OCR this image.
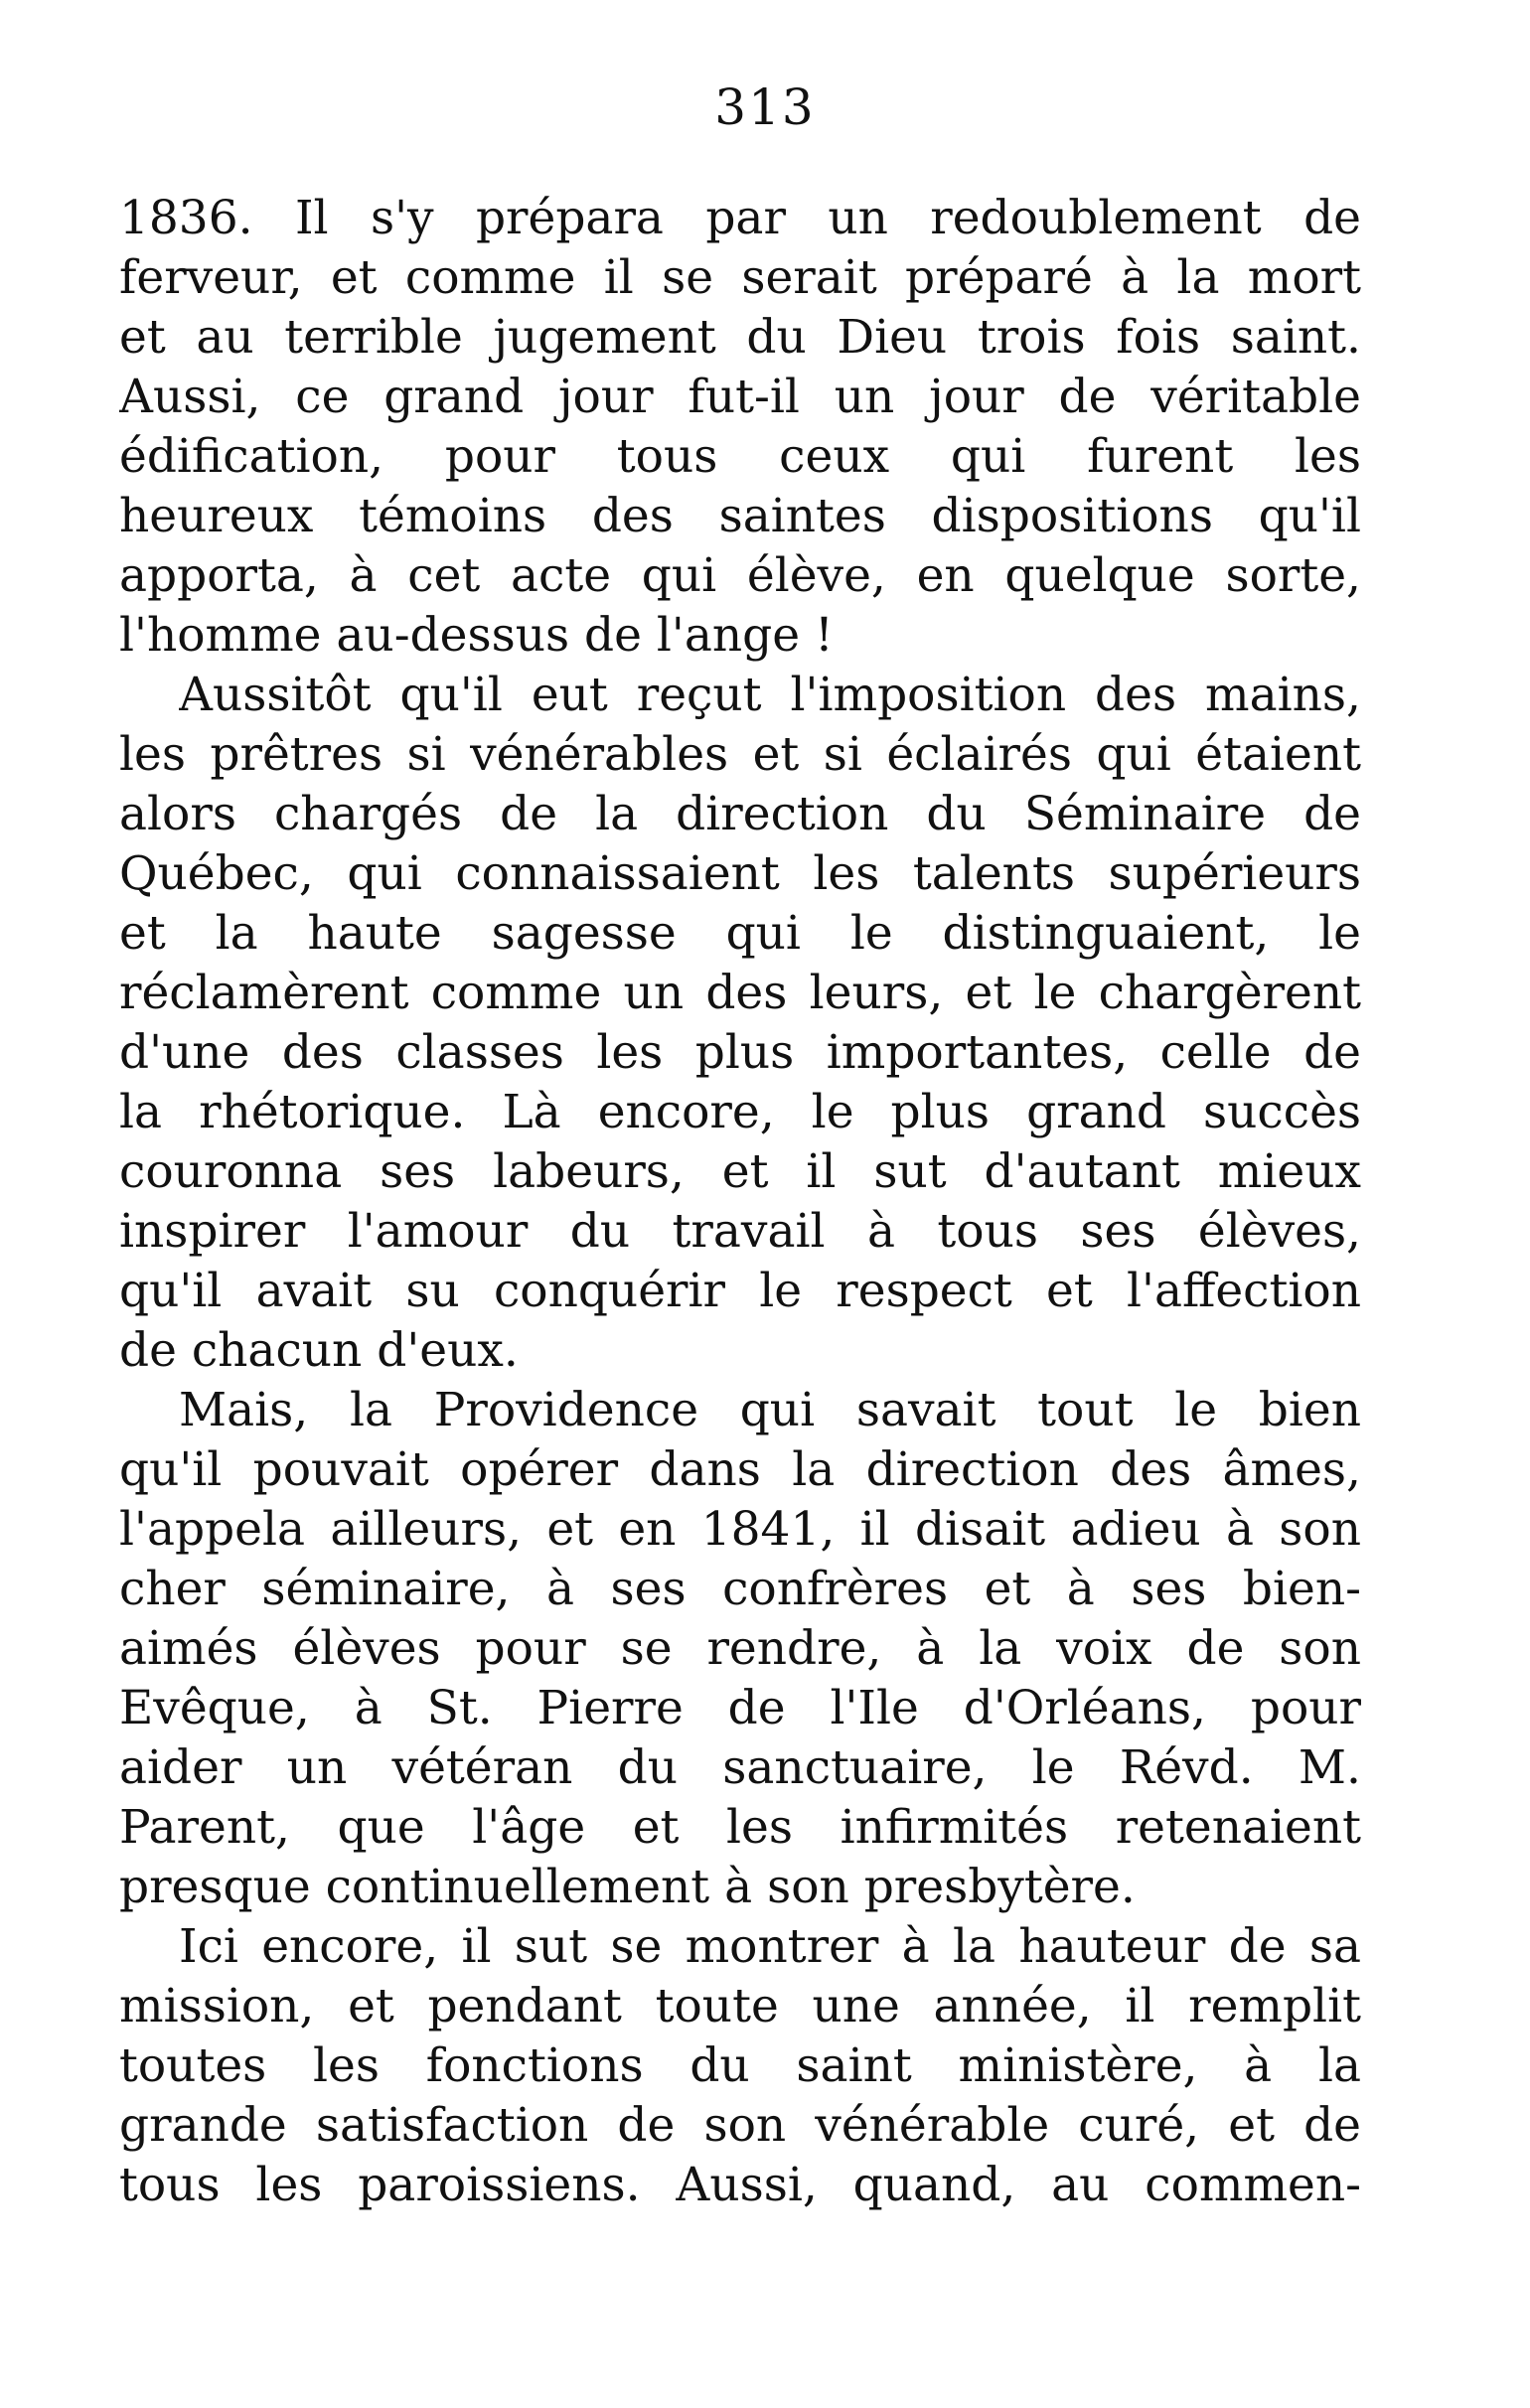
313
1836. Il s'y prépara par un redoublement de
ferveur, et comme il se serait préparé à la mort
et au terrible jugement du Dieu trois fois saint.
Aussi, ce grand jour fut-il un jour de véritable
édification, pour tous ceux qui furent les
heureux témoins des saintes dispositions qu'il
apporta, à cet acte qui élève, en quelque sorte,
l'homme au-dessus de l'ange !
Aussitôt qu'il eut reçut l'imposition des mains,
les prêtres si vénérables et si éclairés qui étaient
alors chargés de la direction du Séminaire de
Québec, qui connaissaient les talents supérieurs
et la haute sagesse qui le distinguaient, le
réclamèrent comme un des leurs, et le chargèrent
d'une des classes les plus importantes, celle de
la rhétorique. Là encore, le plus grand succès
couronna ses labeurs, et il sut d'autant mieux
inspirer l'amour du travail à tous ses élèves,
qu'il avait su conquérir le respect et l'affection
de chacun d'eux.
Mais, la Providence qui savait tout le bien
qu'il pouvait opérer dans la direction des âmes,
l'appela ailleurs, et en 1841, il disait adieu à son
cher séminaire, à ses confrères et à ses bien-
aimés élèves pour se rendre, à la voix de son
Evêque, à St. Pierre de l'Ile d'Orléans, pour
aider un vétéran du sanctuaire, le Révd. M.
Parent, que l'âge et les infirmités retenaient
presque continuellement à son presbytère.
Ici encore, il sut se montrer à la hauteur de sa
mission, et pendant toute une année, il remplit
toutes les fonctions du saint ministère, à la
grande satisfaction de son vénérable curé, et de
tous les paroissiens. Aussi, quand, au commen-
